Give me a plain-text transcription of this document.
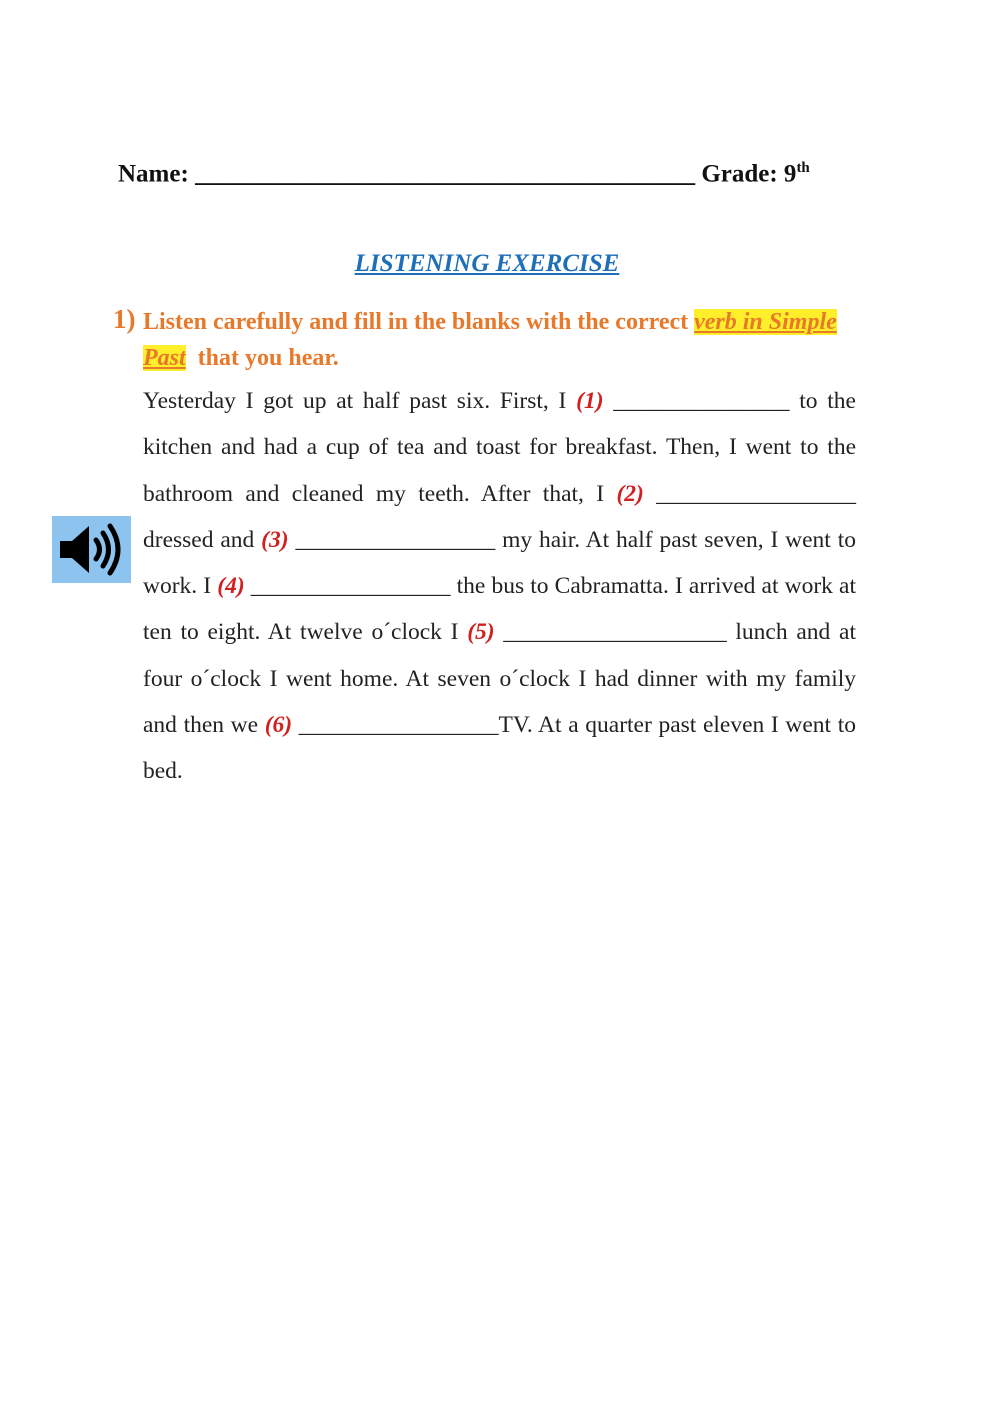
Name: ________________________________________ Grade: 9th
LISTENING EXERCISE
1) Listen carefully and fill in the blanks with the correct verb in Simple Past  that you hear.
Yesterday I got up at half past six. First, I (1) _______________ to the kitchen and had a cup of tea and toast for breakfast. Then, I went to the bathroom and cleaned my teeth. After that, I (2) _________________ dressed and (3) _________________ my hair. At half past seven, I went to work. I (4) _________________ the bus to Cabramatta. I arrived at work at ten to eight. At twelve o´clock I (5) ___________________ lunch and at four o´clock I went home. At seven o´clock I had dinner with my family and then we (6) _________________TV. At a quarter past eleven I went to bed.
